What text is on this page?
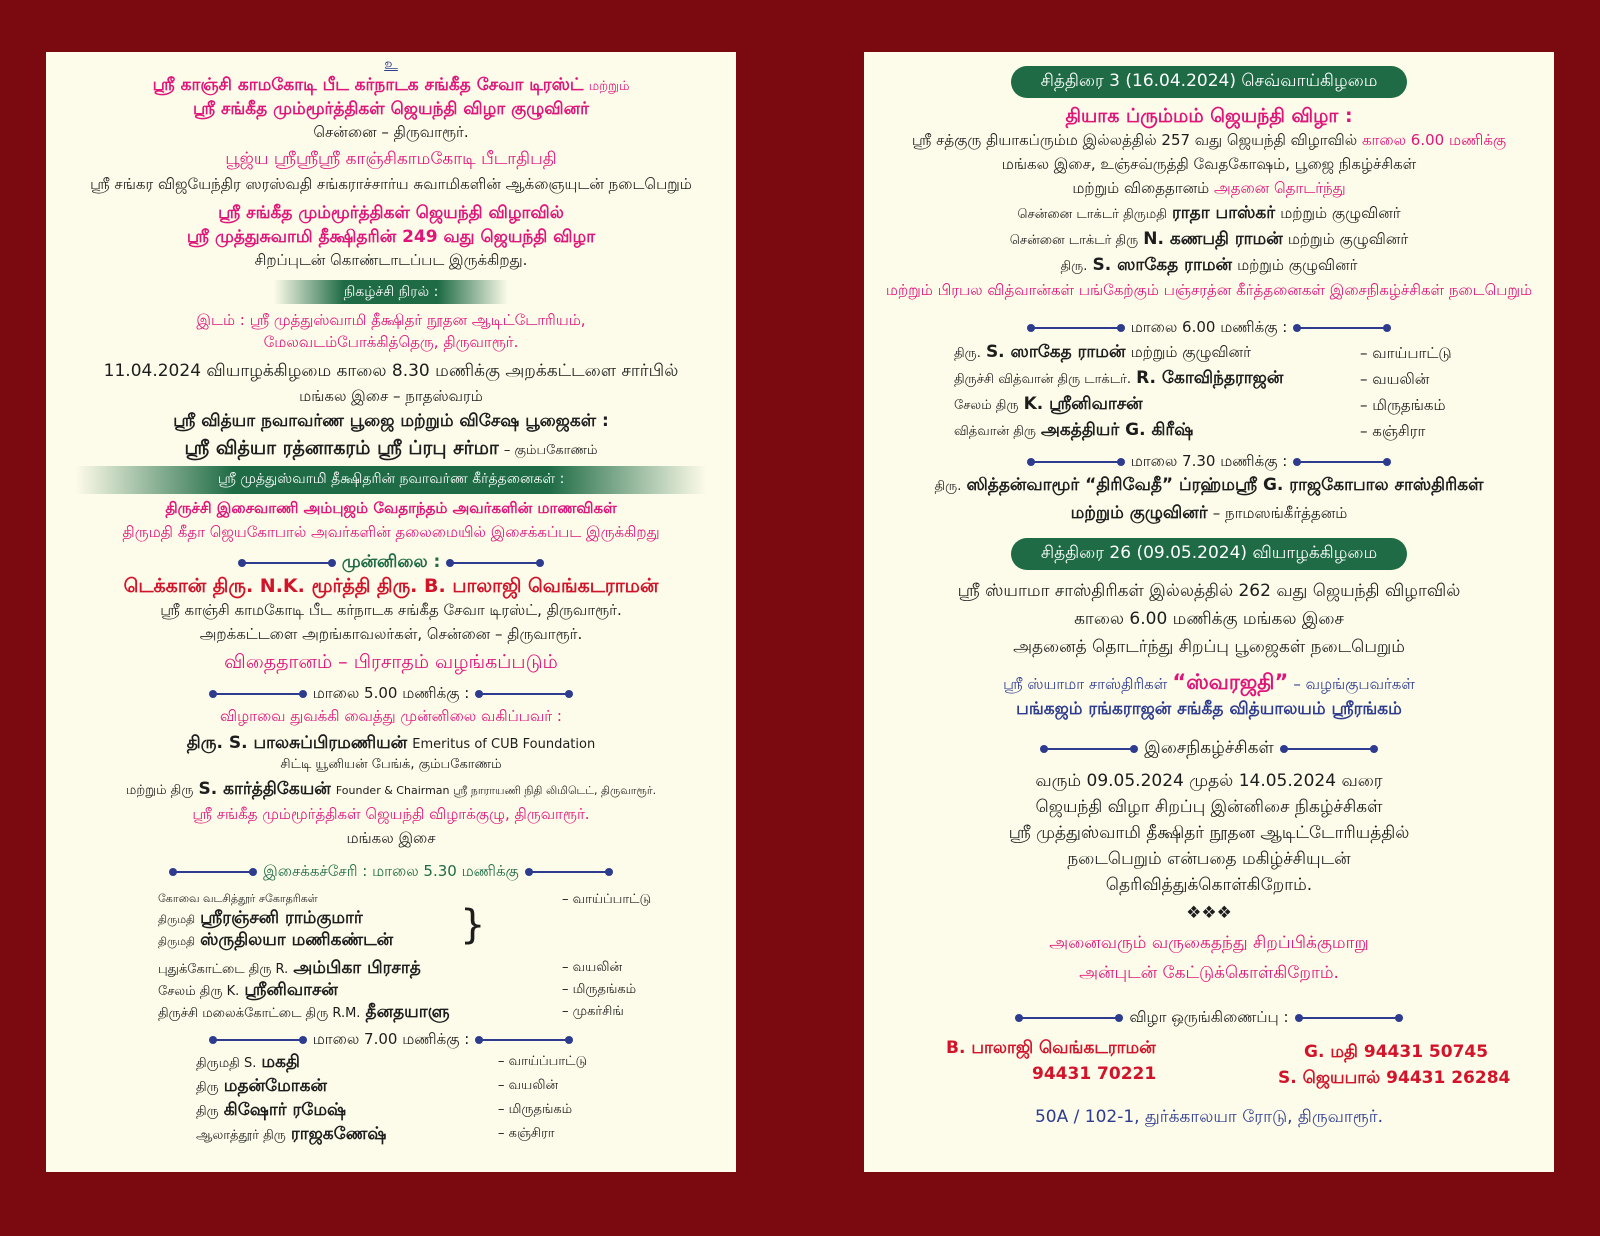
உ
ஸ்ரீ காஞ்சி காமகோடி பீட கர்நாடக சங்கீத சேவா டிரஸ்ட் மற்றும்
ஸ்ரீ சங்கீத மும்மூர்த்திகள் ஜெயந்தி விழா குழுவினர்
சென்னை – திருவாரூர்.
பூஜ்ய ஸ்ரீஸ்ரீஸ்ரீ காஞ்சிகாமகோடி பீடாதிபதி
ஸ்ரீ சங்கர விஜயேந்திர ஸரஸ்வதி சங்கராச்சார்ய சுவாமிகளின் ஆக்ஞையுடன் நடைபெறும்
ஸ்ரீ சங்கீத மும்மூர்த்திகள் ஜெயந்தி விழாவில்
ஸ்ரீ முத்துசுவாமி தீக்ஷிதரின் 249 வது ஜெயந்தி விழா
சிறப்புடன் கொண்டாடப்பட இருக்கிறது.
நிகழ்ச்சி நிரல் :
இடம் : ஸ்ரீ முத்துஸ்வாமி தீக்ஷிதர் நூதன ஆடிட்டோரியம்,
மேலவடம்போக்கித்தெரு, திருவாரூர்.
11.04.2024 வியாழக்கிழமை காலை 8.30 மணிக்கு அறக்கட்டளை சார்பில்
மங்கல இசை – நாதஸ்வரம்
ஸ்ரீ வித்யா நவாவர்ண பூஜை மற்றும் விசேஷ பூஜைகள் :
ஸ்ரீ வித்யா ரத்னாகரம் ஸ்ரீ ப்ரபு சர்மா – கும்பகோணம்
ஸ்ரீ முத்துஸ்வாமி தீக்ஷிதரின் நவாவர்ண கீர்த்தனைகள் :
திருச்சி இசைவாணி அம்புஜம் வேதாந்தம் அவர்களின் மாணவிகள்
திருமதி கீதா ஜெயகோபால் அவர்களின் தலைமையில் இசைக்கப்பட இருக்கிறது
முன்னிலை :
டெக்கான் திரு. N.K. மூர்த்தி திரு. B. பாலாஜி வெங்கடராமன்
ஸ்ரீ காஞ்சி காமகோடி பீட கர்நாடக சங்கீத சேவா டிரஸ்ட், திருவாரூர்.
அறக்கட்டளை அறங்காவலர்கள், சென்னை – திருவாரூர்.
விதைதானம் – பிரசாதம் வழங்கப்படும்
மாலை 5.00 மணிக்கு :
விழாவை துவக்கி வைத்து முன்னிலை வகிப்பவர் :
திரு. S. பாலசுப்பிரமணியன் Emeritus of CUB Foundation
சிட்டி யூனியன் பேங்க், கும்பகோணம்
மற்றும் திரு S. கார்த்திகேயன் Founder & Chairman ஸ்ரீ நாராயணி நிதி லிமிடெட், திருவாரூர்.
ஸ்ரீ சங்கீத மும்மூர்த்திகள் ஜெயந்தி விழாக்குழு, திருவாரூர்.
மங்கல இசை
இசைக்கச்சேரி : மாலை 5.30 மணிக்கு
கோவை வடசித்தூர் சகோதரிகள்	– வாய்ப்பாட்டு
திருமதி ஸ்ரீரஞ்சனி ராம்குமார்
திருமதி ஸ்ருதிலயா மணிகண்டன் }
புதுக்கோட்டை திரு R. அம்பிகா பிரசாத்	– வயலின்
சேலம் திரு K. ஸ்ரீனிவாசன்	– மிருதங்கம்
திருச்சி மலைக்கோட்டை திரு R.M. தீனதயாளு	– முகர்சிங்
மாலை 7.00 மணிக்கு :
திருமதி S. மகதி	– வாய்ப்பாட்டு
திரு மதன்மோகன்	– வயலின்
திரு கிஷோர் ரமேஷ்	– மிருதங்கம்
ஆலாத்தூர் திரு ராஜகணேஷ்	– கஞ்சிரா
சித்திரை 3 (16.04.2024) செவ்வாய்கிழமை
தியாக ப்ரும்மம் ஜெயந்தி விழா :
ஸ்ரீ சத்குரு தியாகப்ரும்ம இல்லத்தில் 257 வது ஜெயந்தி விழாவில் காலை 6.00 மணிக்கு
மங்கல இசை, உஞ்சவ்ருத்தி வேதகோஷம், பூஜை நிகழ்ச்சிகள்
மற்றும் விதைதானம் அதனை தொடர்ந்து
சென்னை டாக்டர் திருமதி ராதா பாஸ்கர் மற்றும் குழுவினர்
சென்னை டாக்டர் திரு N. கணபதி ராமன் மற்றும் குழுவினர்
திரு. S. ஸாகேத ராமன் மற்றும் குழுவினர்
மற்றும் பிரபல வித்வான்கள் பங்கேற்கும் பஞ்சரத்ன கீர்த்தனைகள் இசைநிகழ்ச்சிகள் நடைபெறும்
மாலை 6.00 மணிக்கு :
திரு. S. ஸாகேத ராமன் மற்றும் குழுவினர்	– வாய்பாட்டு
திருச்சி வித்வான் திரு டாக்டர். R. கோவிந்தராஜன்	– வயலின்
சேலம் திரு K. ஸ்ரீனிவாசன்	– மிருதங்கம்
வித்வான் திரு அகத்தியர் G. கிரீஷ்	– கஞ்சிரா
மாலை 7.30 மணிக்கு :
திரு. ஸித்தன்வாமூர் “திரிவேதீ” ப்ரஹ்மஸ்ரீ G. ராஜகோபால சாஸ்திரிகள்
மற்றும் குழுவினர் – நாமஸங்கீர்த்தனம்
சித்திரை 26 (09.05.2024) வியாழக்கிழமை
ஸ்ரீ ஸ்யாமா சாஸ்திரிகள் இல்லத்தில் 262 வது ஜெயந்தி விழாவில்
காலை 6.00 மணிக்கு மங்கல இசை
அதனைத் தொடர்ந்து சிறப்பு பூஜைகள் நடைபெறும்
ஸ்ரீ ஸ்யாமா சாஸ்திரிகள் “ஸ்வரஜதி” – வழங்குபவர்கள்
பங்கஜம் ரங்கராஜன் சங்கீத வித்யாலயம் ஸ்ரீரங்கம்
இசைநிகழ்ச்சிகள்
வரும் 09.05.2024 முதல் 14.05.2024 வரை
ஜெயந்தி விழா சிறப்பு இன்னிசை நிகழ்ச்சிகள்
ஸ்ரீ முத்துஸ்வாமி தீக்ஷிதர் நூதன ஆடிட்டோரியத்தில்
நடைபெறும் என்பதை மகிழ்ச்சியுடன்
தெரிவித்துக்கொள்கிறோம்.
❖❖❖
அனைவரும் வருகைதந்து சிறப்பிக்குமாறு
அன்புடன் கேட்டுக்கொள்கிறோம்.
விழா ஒருங்கிணைப்பு :
B. பாலாஜி வெங்கடராமன்
94431 70221
G. மதி 94431 50745
S. ஜெயபால் 94431 26284
50A / 102-1, துர்க்காலயா ரோடு, திருவாரூர்.
